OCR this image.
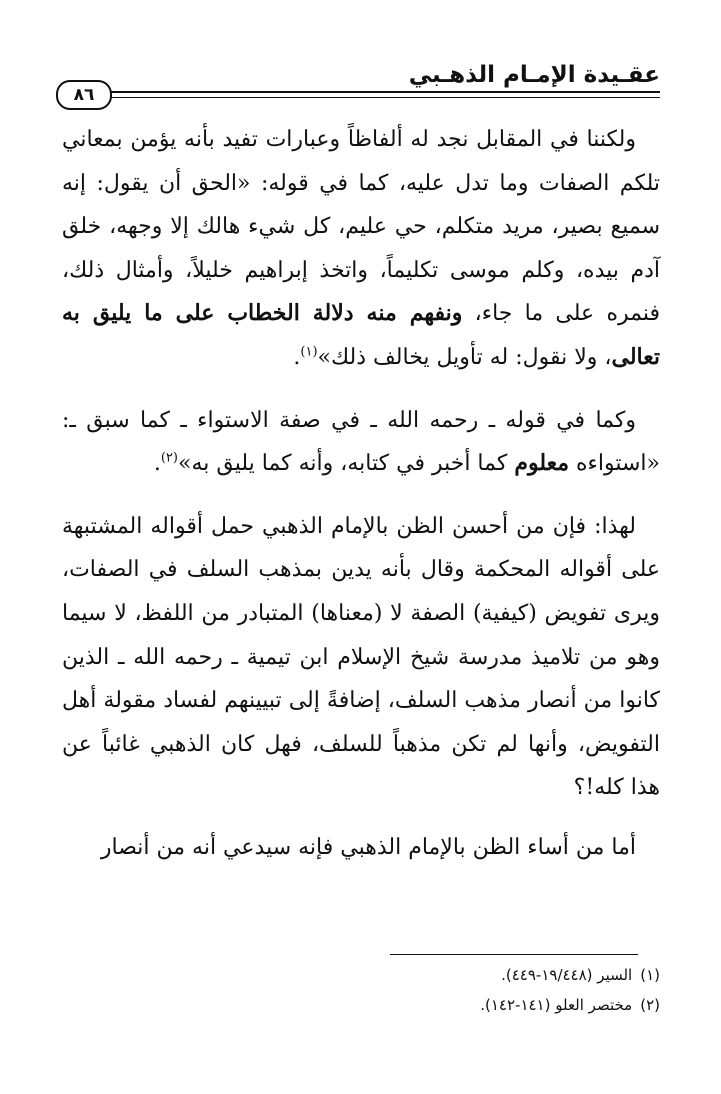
عقـيدة الإمـام الذهـبي
٨٦

ولكننا في المقابل نجد له ألفاظاً وعبارات تفيد بأنه يؤمن بمعاني تلكم الصفات وما تدل عليه، كما في قوله: «الحق أن يقول: إنه سميع بصير، مريد متكلم، حي عليم، كل شيء هالك إلا وجهه، خلق آدم بيده، وكلم موسى تكليماً، واتخذ إبراهيم خليلاً، وأمثال ذلك، فنمره على ما جاء، ونفهم منه دلالة الخطاب على ما يليق به تعالى، ولا نقول: له تأويل يخالف ذلك»$^{(١)}$.

وكما في قوله ـ رحمه الله ـ في صفة الاستواء ـ كما سبق ـ: «استواءه معلوم كما أخبر في كتابه، وأنه كما يليق به»$^{(٢)}$.

لهذا: فإن من أحسن الظن بالإمام الذهبي حمل أقواله المشتبهة على أقواله المحكمة وقال بأنه يدين بمذهب السلف في الصفات، ويرى تفويض (كيفية) الصفة لا (معناها) المتبادر من اللفظ، لا سيما وهو من تلاميذ مدرسة شيخ الإسلام ابن تيمية ـ رحمه الله ـ الذين كانوا من أنصار مذهب السلف، إضافةً إلى تبيينهم لفساد مقولة أهل التفويض، وأنها لم تكن مذهباً للسلف، فهل كان الذهبي غائباً عن هذا كله!؟

أما من أساء الظن بالإمام الذهبي فإنه سيدعي أنه من أنصار

(١)السير (١٩/٤٤٨-٤٤٩).
(٢)مختصر العلو (١٤١-١٤٢).
